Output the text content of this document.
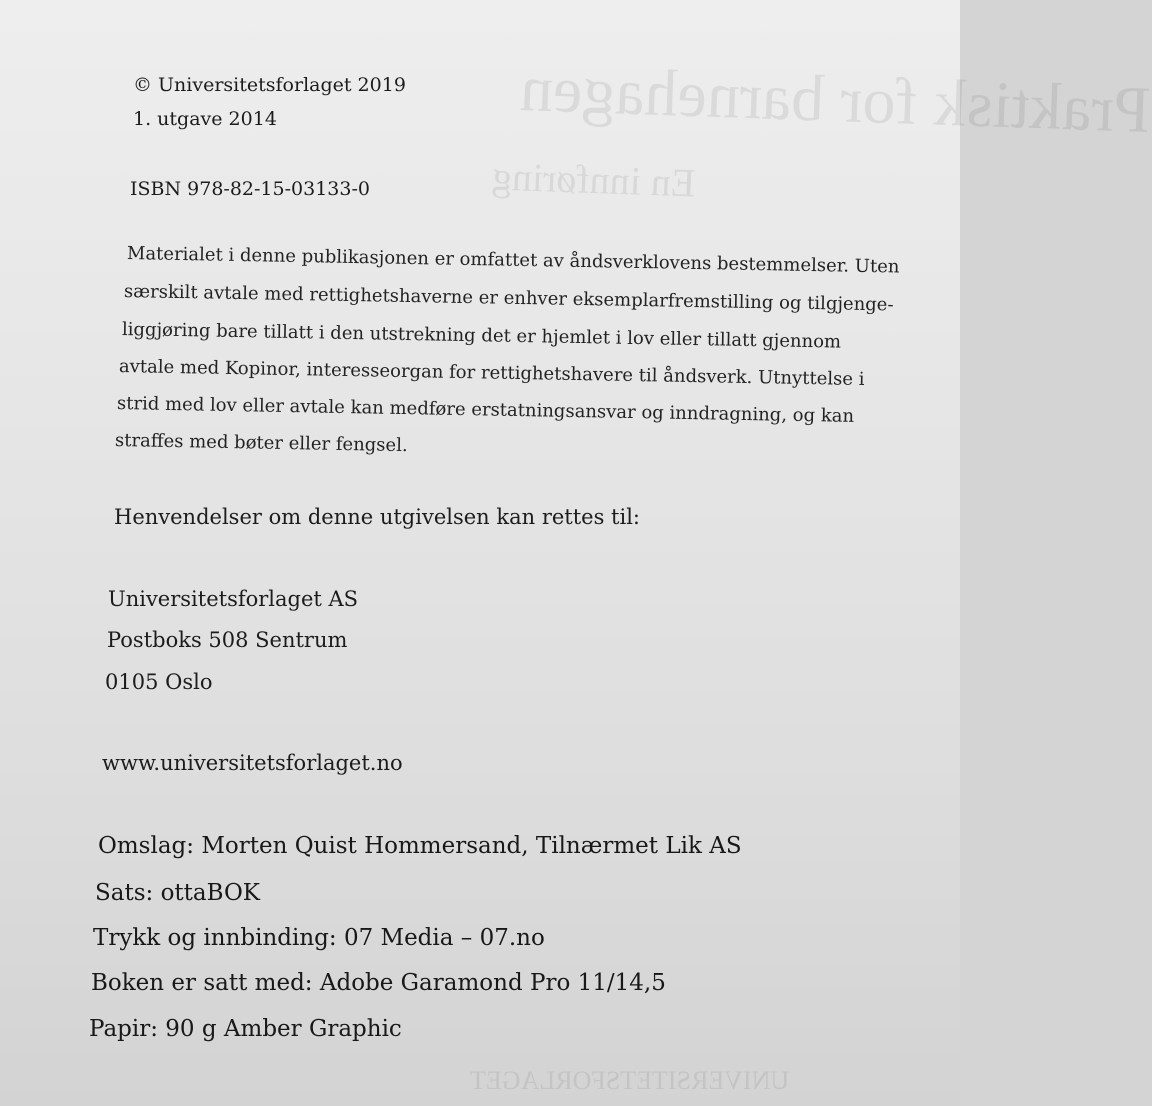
Praktisk for barnehagen
En innføring
UNIVERSITETSFORLAGET
© Universitetsforlaget 2019
1. utgave 2014
ISBN 978-82-15-03133-0
Materialet i denne publikasjonen er omfattet av åndsverklovens bestemmelser. Uten
særskilt avtale med rettighetshaverne er enhver eksemplarfremstilling og tilgjenge-
liggjøring bare tillatt i den utstrekning det er hjemlet i lov eller tillatt gjennom
avtale med Kopinor, interesseorgan for rettighetshavere til åndsverk. Utnyttelse i
strid med lov eller avtale kan medføre erstatningsansvar og inndragning, og kan
straffes med bøter eller fengsel.
Henvendelser om denne utgivelsen kan rettes til:
Universitetsforlaget AS
Postboks 508 Sentrum
0105 Oslo
www.universitetsforlaget.no
Omslag: Morten Quist Hommersand, Tilnærmet Lik AS
Sats: ottaBOK
Trykk og innbinding: 07 Media – 07.no
Boken er satt med: Adobe Garamond Pro 11/14,5
Papir: 90 g Amber Graphic
